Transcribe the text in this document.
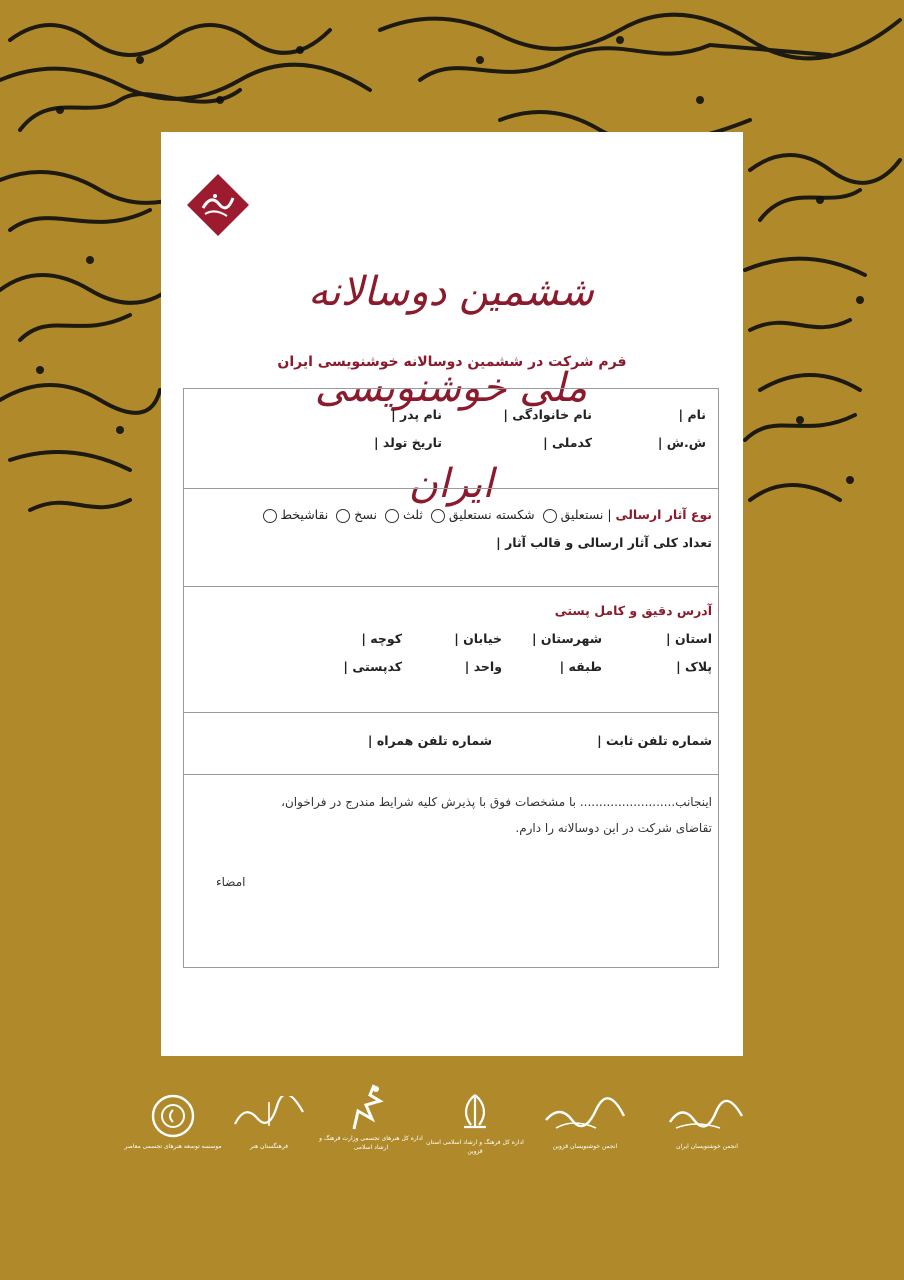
ششمین دوسالانه ملی خوشنویسی ایران
فرم شرکت در ششمین دوسالانه خوشنویسی ایران
نام |
نام خانوادگی |
نام پدر |
ش.ش |
کدملی |
تاریخ تولد |
نوع آثار ارسالی | نستعلیق شکسته نستعلیق ثلث نسخ نقاشیخط
تعداد کلی آثار ارسالی و قالب آثار |
آدرس دقیق و کامل پستی
استان |
شهرستان |
خیابان |
کوچه |
پلاک |
طبقه |
واحد |
کدپستی |
شماره تلفن ثابت |
شماره تلفن همراه |
اینجانب......................... با مشخصات فوق با پذیرش کلیه شرایط مندرج در فراخوان،
تقاضای شرکت در این دوسالانه را دارم.
امضاء
انجمن خوشنویسان ایران
انجمن خوشنویسان قزوین
اداره کل فرهنگ و ارشاد اسلامی استان قزوین
اداره کل هنرهای تجسمی وزارت فرهنگ و ارشاد اسلامی
فرهنگستان هنر
موسسه توسعه هنرهای تجسمی معاصر
